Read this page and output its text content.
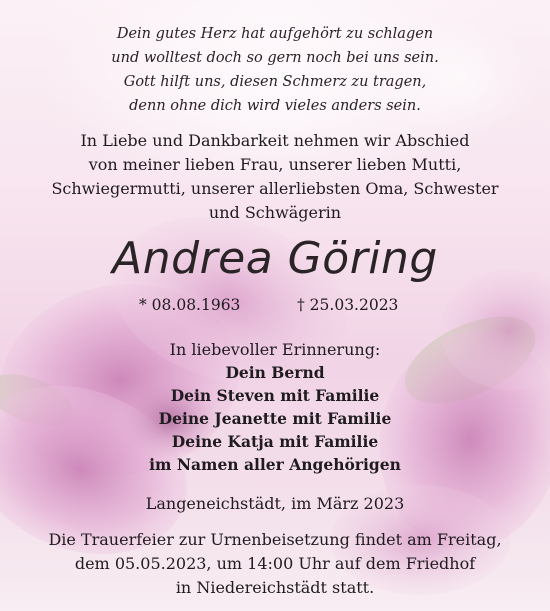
Dein gutes Herz hat aufgehört zu schlagen
und wolltest doch so gern noch bei uns sein.
Gott hilft uns, diesen Schmerz zu tragen,
denn ohne dich wird vieles anders sein.
In Liebe und Dankbarkeit nehmen wir Abschied
von meiner lieben Frau, unserer lieben Mutti,
Schwiegermutti, unserer allerliebsten Oma, Schwester
und Schwägerin
Andrea Göring
* 08.08.1963	† 25.03.2023
In liebevoller Erinnerung:
Dein Bernd
Dein Steven mit Familie
Deine Jeanette mit Familie
Deine Katja mit Familie
im Namen aller Angehörigen
Langeneichstädt, im März 2023
Die Trauerfeier zur Urnenbeisetzung findet am Freitag,
dem 05.05.2023, um 14:00 Uhr auf dem Friedhof
in Niedereichstädt statt.
